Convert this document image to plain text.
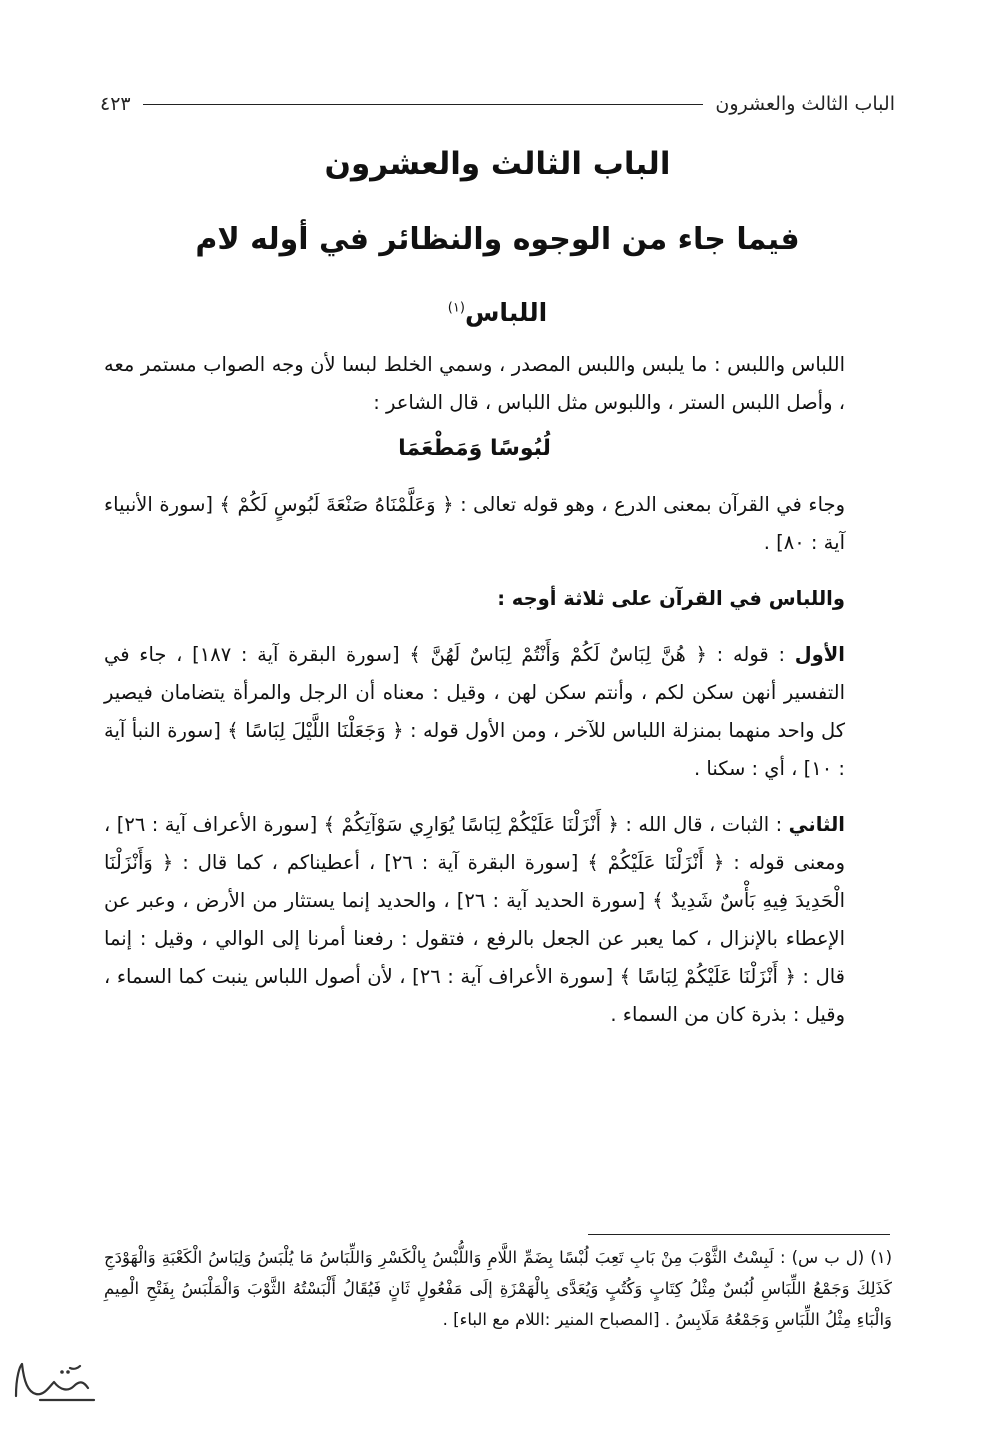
الباب الثالث والعشرون
٤٢٣
الباب الثالث والعشرون
فيما جاء من الوجوه والنظائر في أوله لام
اللباس$^{(١)}$

اللباس واللبس : ما يلبس واللبس المصدر ، وسمي الخلط لبسا لأن وجه الصواب مستمر معه ، وأصل اللبس الستر ، واللبوس مثل اللباس ، قال الشاعر :

لُبُوسًا وَمَطْعَمَا

وجاء في القرآن بمعنى الدرع ، وهو قوله تعالى : ﴿ وَعَلَّمْنَاهُ صَنْعَةَ لَبُوسٍ لَكُمْ ﴾ [سورة الأنبياء آية : ٨٠] .

واللباس في القرآن على ثلاثة أوجه :

الأول : قوله : ﴿ هُنَّ لِبَاسٌ لَكُمْ وَأَنْتُمْ لِبَاسٌ لَهُنَّ ﴾ [سورة البقرة آية : ١٨٧] ، جاء في التفسير أنهن سكن لكم ، وأنتم سكن لهن ، وقيل : معناه أن الرجل والمرأة يتضامان فيصير كل واحد منهما بمنزلة اللباس للآخر ، ومن الأول قوله : ﴿ وَجَعَلْنَا اللَّيْلَ لِبَاسًا ﴾ [سورة النبأ آية : ١٠] ، أي : سكنا .

الثاني : الثبات ، قال الله : ﴿ أَنْزَلْنَا عَلَيْكُمْ لِبَاسًا يُوَارِي سَوْآتِكُمْ ﴾ [سورة الأعراف آية : ٢٦] ، ومعنى قوله : ﴿ أَنْزَلْنَا عَلَيْكُمْ ﴾ [سورة البقرة آية : ٢٦] ، أعطيناكم ، كما قال : ﴿ وَأَنْزَلْنَا الْحَدِيدَ فِيهِ بَأْسٌ شَدِيدٌ ﴾ [سورة الحديد آية : ٢٦] ، والحديد إنما يستثار من الأرض ، وعبر عن الإعطاء بالإنزال ، كما يعبر عن الجعل بالرفع ، فتقول : رفعنا أمرنا إلى الوالي ، وقيل : إنما قال : ﴿ أَنْزَلْنَا عَلَيْكُمْ لِبَاسًا ﴾ [سورة الأعراف آية : ٢٦] ، لأن أصول اللباس ينبت كما السماء ، وقيل : بذرة كان من السماء .

(١) (ل ب س) : لَبِسْتُ الثَّوْبَ مِنْ بَابِ تَعِبَ لُبْسًا بِضَمِّ اللَّامِ وَاللُّبْسُ بِالْكَسْرِ وَاللِّبَاسُ مَا يُلْبَسُ وَلِبَاسُ الْكَعْبَةِ وَالْهَوْدَجِ كَذَلِكَ وَجَمْعُ اللِّبَاسِ لُبُسٌ مِثْلُ كِتَابٍ وَكُتُبٍ وَيُعَدَّى بِالْهَمْزَةِ إلَى مَفْعُولٍ ثَانٍ فَيُقَالُ أَلْبَسْتُهُ الثَّوْبَ وَالْمَلْبَسُ بِفَتْحِ الْمِيمِ وَالْبَاءِ مِثْلُ اللِّبَاسِ وَجَمْعُهُ مَلَابِسُ . [المصباح المنير :اللام مع الباء] .
